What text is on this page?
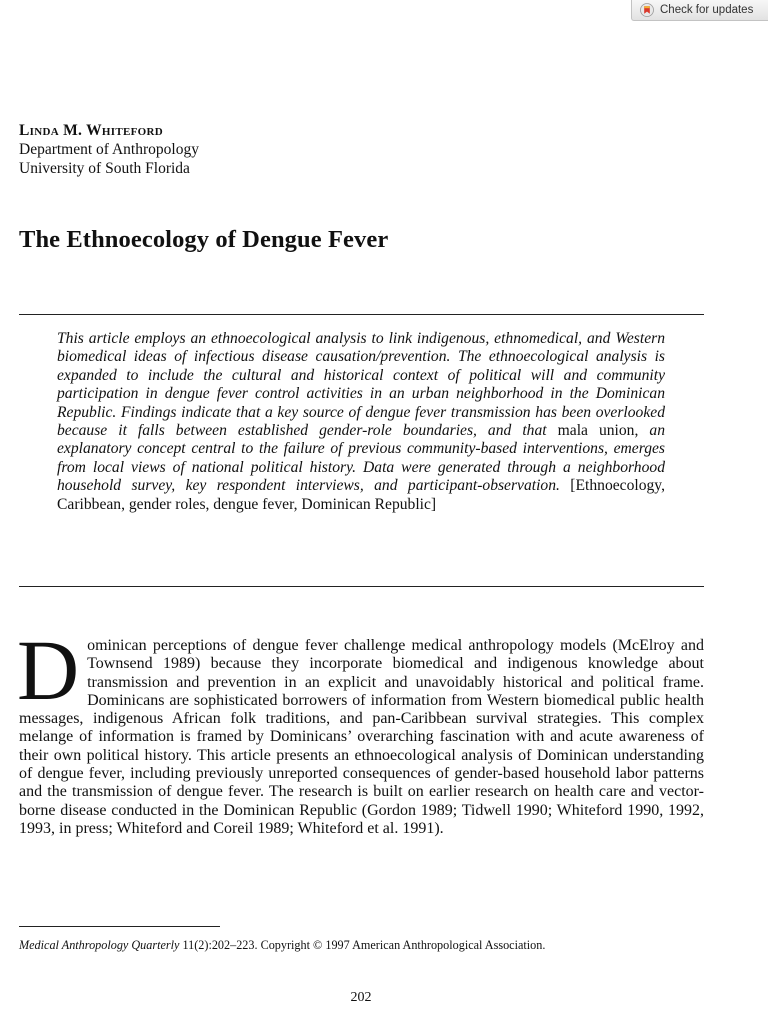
Check for updates
Linda M. Whiteford
Department of Anthropology
University of South Florida
The Ethnoecology of Dengue Fever

This article employs an ethnoecological analysis to link indigenous, ethnomedical, and Western biomedical ideas of infectious disease causation/prevention. The ethnoecological analysis is expanded to include the cultural and historical context of political will and community participation in dengue fever control activities in an urban neighborhood in the Dominican Republic. Findings indicate that a key source of dengue fever transmission has been overlooked because it falls between established gender-role boundaries, and that mala union, an explanatory concept central to the failure of previous community-based interventions, emerges from local views of national political history. Data were generated through a neighborhood household survey, key respondent interviews, and participant-observation. [Ethnoecology, Caribbean, gender roles, dengue fever, Dominican Republic]

Dominican perceptions of dengue fever challenge medical anthropology models (McElroy and Townsend 1989) because they incorporate biomedical and indigenous knowledge about transmission and prevention in an explicit and unavoidably historical and political frame. Dominicans are sophisticated borrowers of information from Western biomedical public health messages, indigenous African folk traditions, and pan-Caribbean survival strategies. This complex melange of information is framed by Dominicans’ overarching fascination with and acute awareness of their own political history. This article presents an ethnoecological analysis of Dominican understanding of dengue fever, including previously unreported consequences of gender-based household labor patterns and the transmission of dengue fever. The research is built on earlier research on health care and vector-borne disease conducted in the Dominican Republic (Gordon 1989; Tidwell 1990; Whiteford 1990, 1992, 1993, in press; Whiteford and Coreil 1989; Whiteford et al. 1991).

Medical Anthropology Quarterly 11(2):202–223. Copyright © 1997 American Anthropological Association.

202
